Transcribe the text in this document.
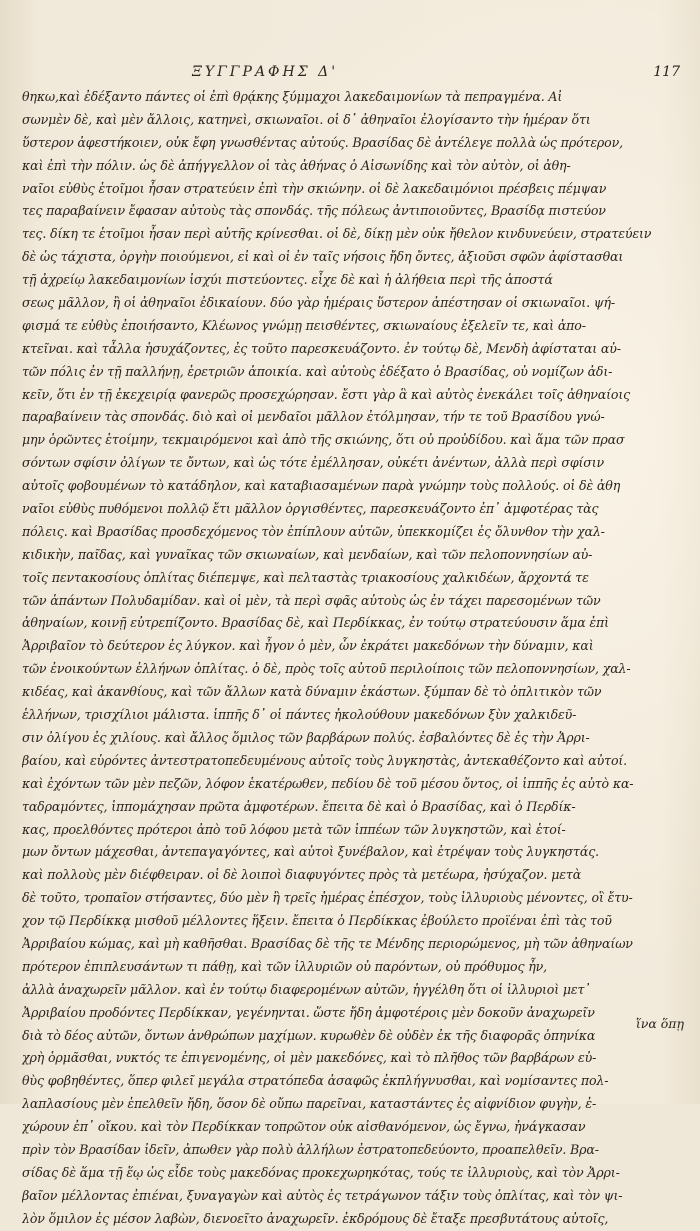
ΞΥΓΓΡΑΦΗΣ Δ'	117
θηκω,καὶ ἐδέξαντο πάντες οἱ ἐπὶ θρᾴκης ξύμμαχοι λακεδαιμονίων τὰ πεπραγμένα. Αἰ
σωνμὲν δὲ, καὶ μὲν ἄλλοις, κατηνεὶ, σκιωναῖοι. οἱ δ᾽ ἀθηναῖοι ἐλογίσαντο τὴν ἡμέραν ὅτι
ὕστερον ἀφεστήκοιεν, οὐκ ἔφη γνωσθέντας αὐτούς. Βρασίδας δὲ ἀντέλεγε πολλὰ ὡς πρότερον,
καὶ ἐπὶ τὴν πόλιν. ὡς δὲ ἀπήγγελλον οἱ τὰς ἀθήνας ὁ Αἰσωνίδης καὶ τὸν αὐτὸν, οἱ ἀθη-
ναῖοι εὐθὺς ἑτοῖμοι ἦσαν στρατεύειν ἐπὶ τὴν σκιώνην. οἱ δὲ λακεδαιμόνιοι πρέσβεις πέμψαν
τες παραβαίνειν ἔφασαν αὐτοὺς τὰς σπονδάς. τῆς πόλεως ἀντιποιοῦντες, Βρασίδᾳ πιστεύον
τες. δίκη τε ἑτοῖμοι ἦσαν περὶ αὐτῆς κρίνεσθαι. οἱ δὲ, δίκῃ μὲν οὐκ ἤθελον κινδυνεύειν, στρατεύειν
δὲ ὡς τάχιστα, ὀργὴν ποιούμενοι, εἰ καὶ οἱ ἐν ταῖς νήσοις ἤδη ὄντες, ἀξιοῦσι σφῶν ἀφίστασθαι
τῇ ἀχρείῳ λακεδαιμονίων ἰσχύι πιστεύοντες. εἶχε δὲ καὶ ἡ ἀλήθεια περὶ τῆς ἀποστά
σεως μᾶλλον, ἢ οἱ ἀθηναῖοι ἐδικαίουν. δύο γὰρ ἡμέραις ὕστερον ἀπέστησαν οἱ σκιωναῖοι. ψή-
φισμά τε εὐθὺς ἐποιήσαντο, Κλέωνος γνώμῃ πεισθέντες, σκιωναίους ἐξελεῖν τε, καὶ ἀπο-
κτεῖναι. καὶ τἆλλα ἡσυχάζοντες, ἐς τοῦτο παρεσκευάζοντο. ἐν τούτῳ δὲ, Μενδὴ ἀφίσταται αὐ-
τῶν πόλις ἐν τῇ παλλήνῃ, ἐρετριῶν ἀποικία. καὶ αὐτοὺς ἐδέξατο ὁ Βρασίδας, οὐ νομίζων ἀδι-
κεῖν, ὅτι ἐν τῇ ἐκεχειρίᾳ φανερῶς προσεχώρησαν. ἔστι γὰρ ἃ καὶ αὐτὸς ἐνεκάλει τοῖς ἀθηναίοις
παραβαίνειν τὰς σπονδάς. διὸ καὶ οἱ μενδαῖοι μᾶλλον ἐτόλμησαν, τήν τε τοῦ Βρασίδου γνώ-
μην ὁρῶντες ἑτοίμην, τεκμαιρόμενοι καὶ ἀπὸ τῆς σκιώνης, ὅτι οὐ προὐδίδου. καὶ ἅμα τῶν πρασ
σόντων σφίσιν ὀλίγων τε ὄντων, καὶ ὡς τότε ἐμέλλησαν, οὐκέτι ἀνέντων, ἀλλὰ περὶ σφίσιν
αὐτοῖς φοβουμένων τὸ κατάδηλον, καὶ καταβιασαμένων παρὰ γνώμην τοὺς πολλούς. οἱ δὲ ἀθη
ναῖοι εὐθὺς πυθόμενοι πολλῷ ἔτι μᾶλλον ὀργισθέντες, παρεσκευάζοντο ἐπ᾽ ἀμφοτέρας τὰς
πόλεις. καὶ Βρασίδας προσδεχόμενος τὸν ἐπίπλουν αὐτῶν, ὑπεκκομίζει ἐς ὄλυνθον τὴν χαλ-
κιδικὴν, παῖδας, καὶ γυναῖκας τῶν σκιωναίων, καὶ μενδαίων, καὶ τῶν πελοποννησίων αὐ-
τοῖς πεντακοσίους ὁπλίτας διέπεμψε, καὶ πελταστὰς τριακοσίους χαλκιδέων, ἄρχοντά τε
τῶν ἁπάντων Πολυδαμίδαν. καὶ οἱ μὲν, τὰ περὶ σφᾶς αὐτοὺς ὡς ἐν τάχει παρεσομένων τῶν
ἀθηναίων, κοινῇ εὐτρεπίζοντο. Βρασίδας δὲ, καὶ Περδίκκας, ἐν τούτῳ στρατεύουσιν ἅμα ἐπὶ
Ἀρριβαῖον τὸ δεύτερον ἐς λύγκον. καὶ ἦγον ὁ μὲν, ὧν ἐκράτει μακεδόνων τὴν δύναμιν, καὶ
τῶν ἐνοικούντων ἑλλήνων ὁπλίτας. ὁ δὲ, πρὸς τοῖς αὐτοῦ περιλοίποις τῶν πελοποννησίων, χαλ-
κιδέας, καὶ ἀκανθίους, καὶ τῶν ἄλλων κατὰ δύναμιν ἑκάστων. ξύμπαν δὲ τὸ ὁπλιτικὸν τῶν
ἑλλήνων, τρισχίλιοι μάλιστα. ἱππῆς δ᾽ οἱ πάντες ἠκολούθουν μακεδόνων ξὺν χαλκιδεῦ-
σιν ὀλίγου ἐς χιλίους. καὶ ἄλλος ὅμιλος τῶν βαρβάρων πολύς. ἐσβαλόντες δὲ ἐς τὴν Ἀρρι-
βαίου, καὶ εὑρόντες ἀντεστρατοπεδευμένους αὐτοῖς τοὺς λυγκηστὰς, ἀντεκαθέζοντο καὶ αὐτοί.
καὶ ἐχόντων τῶν μὲν πεζῶν, λόφον ἑκατέρωθεν, πεδίου δὲ τοῦ μέσου ὄντος, οἱ ἱππῆς ἐς αὐτὸ κα-
ταδραμόντες, ἱππομάχησαν πρῶτα ἀμφοτέρων. ἔπειτα δὲ καὶ ὁ Βρασίδας, καὶ ὁ Περδίκ-
κας, προελθόντες πρότεροι ἀπὸ τοῦ λόφου μετὰ τῶν ἱππέων τῶν λυγκηστῶν, καὶ ἑτοί-
μων ὄντων μάχεσθαι, ἀντεπαγαγόντες, καὶ αὐτοὶ ξυνέβαλον, καὶ ἐτρέψαν τοὺς λυγκηστάς.
καὶ πολλοὺς μὲν διέφθειραν. οἱ δὲ λοιποὶ διαφυγόντες πρὸς τὰ μετέωρα, ἡσύχαζον. μετὰ
δὲ τοῦτο, τροπαῖον στήσαντες, δύο μὲν ἢ τρεῖς ἡμέρας ἐπέσχον, τοὺς ἰλλυριοὺς μένοντες, οἳ ἔτυ-
χον τῷ Περδίκκᾳ μισθοῦ μέλλοντες ἥξειν. ἔπειτα ὁ Περδίκκας ἐβούλετο προϊέναι ἐπὶ τὰς τοῦ
Ἀρριβαίου κώμας, καὶ μὴ καθῆσθαι. Βρασίδας δὲ τῆς τε Μένδης περιορώμενος, μὴ τῶν ἀθηναίων
πρότερον ἐπιπλευσάντων τι πάθῃ, καὶ τῶν ἰλλυριῶν οὐ παρόντων, οὐ πρόθυμος ἦν,
ἀλλὰ ἀναχωρεῖν μᾶλλον. καὶ ἐν τούτῳ διαφερομένων αὐτῶν, ἠγγέλθη ὅτι οἱ ἰλλυριοὶ μετ᾽
Ἀρριβαίου προδόντες Περδίκκαν, γεγένηνται. ὥστε ἤδη ἀμφοτέροις μὲν δοκοῦν ἀναχωρεῖν
διὰ τὸ δέος αὐτῶν, ὄντων ἀνθρώπων μαχίμων. κυρωθὲν δὲ οὐδὲν ἐκ τῆς διαφορᾶς ὁπηνίκα
χρὴ ὁρμᾶσθαι, νυκτός τε ἐπιγενομένης, οἱ μὲν μακεδόνες, καὶ τὸ πλῆθος τῶν βαρβάρων εὐ-
θὺς φοβηθέντες, ὅπερ φιλεῖ μεγάλα στρατόπεδα ἀσαφῶς ἐκπλήγνυσθαι, καὶ νομίσαντες πολ-
λαπλασίους μὲν ἐπελθεῖν ἤδη, ὅσον δὲ οὔπω παρεῖναι, καταστάντες ἐς αἰφνίδιον φυγὴν, ἐ-
χώρουν ἐπ᾽ οἴκου. καὶ τὸν Περδίκκαν τοπρῶτον οὐκ αἰσθανόμενον, ὡς ἔγνω, ἠνάγκασαν
πρὶν τὸν Βρασίδαν ἰδεῖν, ἀπωθεν γὰρ πολὺ ἀλλήλων ἐστρατοπεδεύοντο, προαπελθεῖν. Βρα-
σίδας δὲ ἅμα τῇ ἕῳ ὡς εἶδε τοὺς μακεδόνας προκεχωρηκότας, τούς τε ἰλλυριοὺς, καὶ τὸν Ἀρρι-
βαῖον μέλλοντας ἐπιέναι, ξυναγαγὼν καὶ αὐτὸς ἐς τετράγωνον τάξιν τοὺς ὁπλίτας, καὶ τὸν ψι-
λὸν ὅμιλον ἐς μέσον λαβὼν, διενοεῖτο ἀναχωρεῖν. ἐκδρόμους δὲ ἔταξε πρεσβυτάτους αὐτοῖς,
ἵνα ὅπῃ
